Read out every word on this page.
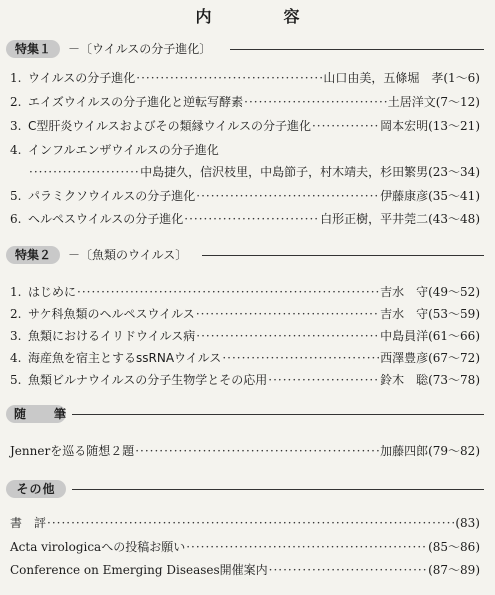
内　容
特集１	－〔ウイルスの分子進化〕
1. ウイルスの分子進化 ·····	山口由美，五條堀　孝 (1～6)
2. エイズウイルスの分子進化と逆転写酵素 ·····	土居洋文 (7～12)
3. C型肝炎ウイルスおよびその類縁ウイルスの分子進化 ·····	岡本宏明 (13～21)
4. インフルエンザウイルスの分子進化
·····
中島捷久，信沢枝里，中島節子，村木靖夫，杉田繁男 (23～34)
5. パラミクソウイルスの分子進化 ·····	伊藤康彦 (35～41)
6. ヘルペスウイルスの分子進化 ·····	白形正樹，平井莞二 (43～48)
特集２	－〔魚類のウイルス〕
1. はじめに ·····	吉水　守 (49～52)
2. サケ科魚類のヘルペスウイルス ·····	吉水　守 (53～59)
3. 魚類におけるイリドウイルス病 ·····	中島員洋 (61～66)
4. 海産魚を宿主とするssRNAウイルス ·····	西澤豊彦 (67～72)
5. 魚類ビルナウイルスの分子生物学とその応用 ·····	鈴木　聡 (73～78)
随　筆
Jennerを巡る随想２題 ·····	加藤四郎 (79～82)
その他
書　評 ·····	(83)
Acta virologicaへの投稿お願い ·····	(85～86)
Conference on Emerging Diseases開催案内 ·····	(87～89)
